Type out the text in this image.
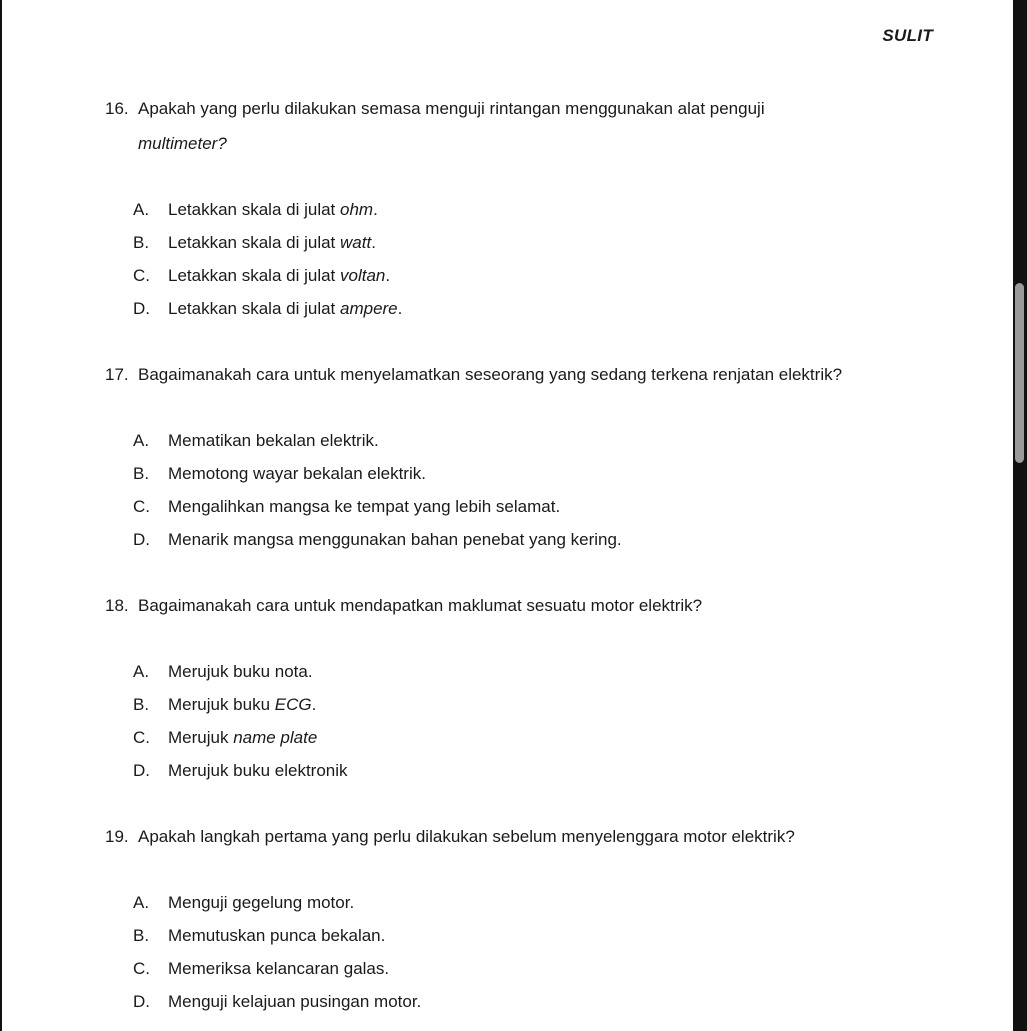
SULIT
16. Apakah yang perlu dilakukan semasa menguji rintangan menggunakan alat penguji
multimeter?
A.	Letakkan skala di julat ohm.
B.	Letakkan skala di julat watt.
C.	Letakkan skala di julat voltan.
D.	Letakkan skala di julat ampere.
17. Bagaimanakah cara untuk menyelamatkan seseorang yang sedang terkena renjatan elektrik?
A.	Mematikan bekalan elektrik.
B.	Memotong wayar bekalan elektrik.
C.	Mengalihkan mangsa ke tempat yang lebih selamat.
D.	Menarik mangsa menggunakan bahan penebat yang kering.
18. Bagaimanakah cara untuk mendapatkan maklumat sesuatu motor elektrik?
A.	Merujuk buku nota.
B.	Merujuk buku ECG.
C.	Merujuk name plate
D.	Merujuk buku elektronik
19. Apakah langkah pertama yang perlu dilakukan sebelum menyelenggara motor elektrik?
A.	Menguji gegelung motor.
B.	Memutuskan punca bekalan.
C.	Memeriksa kelancaran galas.
D.	Menguji kelajuan pusingan motor.
